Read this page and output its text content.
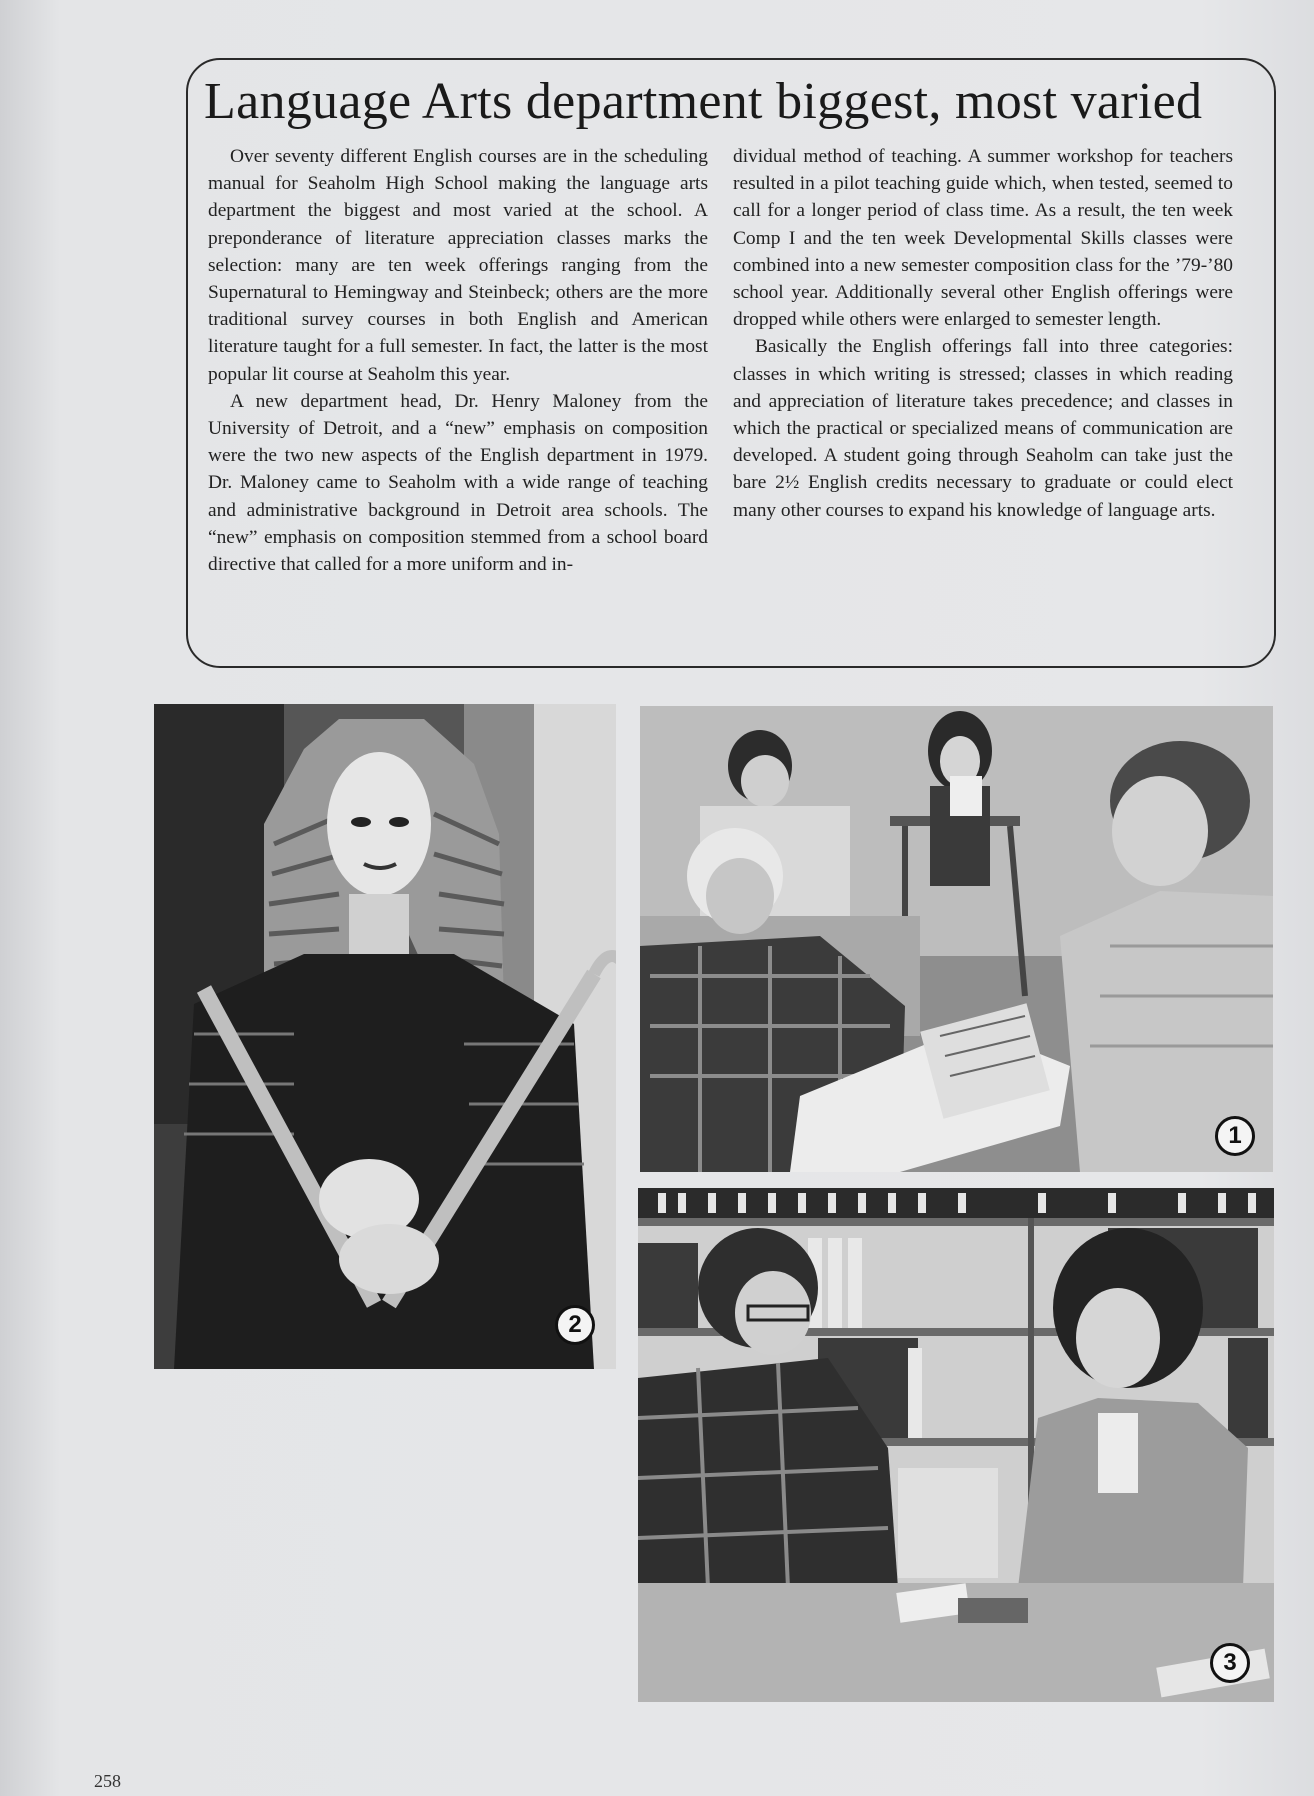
Language Arts department biggest, most varied

Over seventy different English courses are in the scheduling manual for Seaholm High School making the language arts department the biggest and most varied at the school. A preponderance of literature appreciation classes marks the selection: many are ten week offerings ranging from the Supernatural to Hemingway and Steinbeck; others are the more traditional survey courses in both English and American literature taught for a full semester. In fact, the latter is the most popular lit course at Seaholm this year.

A new department head, Dr. Henry Maloney from the University of Detroit, and a “new” emphasis on composition were the two new aspects of the English department in 1979. Dr. Maloney came to Seaholm with a wide range of teaching and administrative background in Detroit area schools. The “new” emphasis on composition stemmed from a school board directive that called for a more uniform and in-

dividual method of teaching. A summer workshop for teachers resulted in a pilot teaching guide which, when tested, seemed to call for a longer period of class time. As a result, the ten week Comp I and the ten week Developmental Skills classes were combined into a new semester composition class for the ’79-’80 school year. Additionally several other English offerings were dropped while others were enlarged to semester length.

Basically the English offerings fall into three categories: classes in which writing is stressed; classes in which reading and appreciation of literature takes precedence; and classes in which the practical or specialized means of communication are developed. A student going through Seaholm can take just the bare 2½ English credits necessary to graduate or could elect many other courses to expand his knowledge of language arts.

1
2
3
258
